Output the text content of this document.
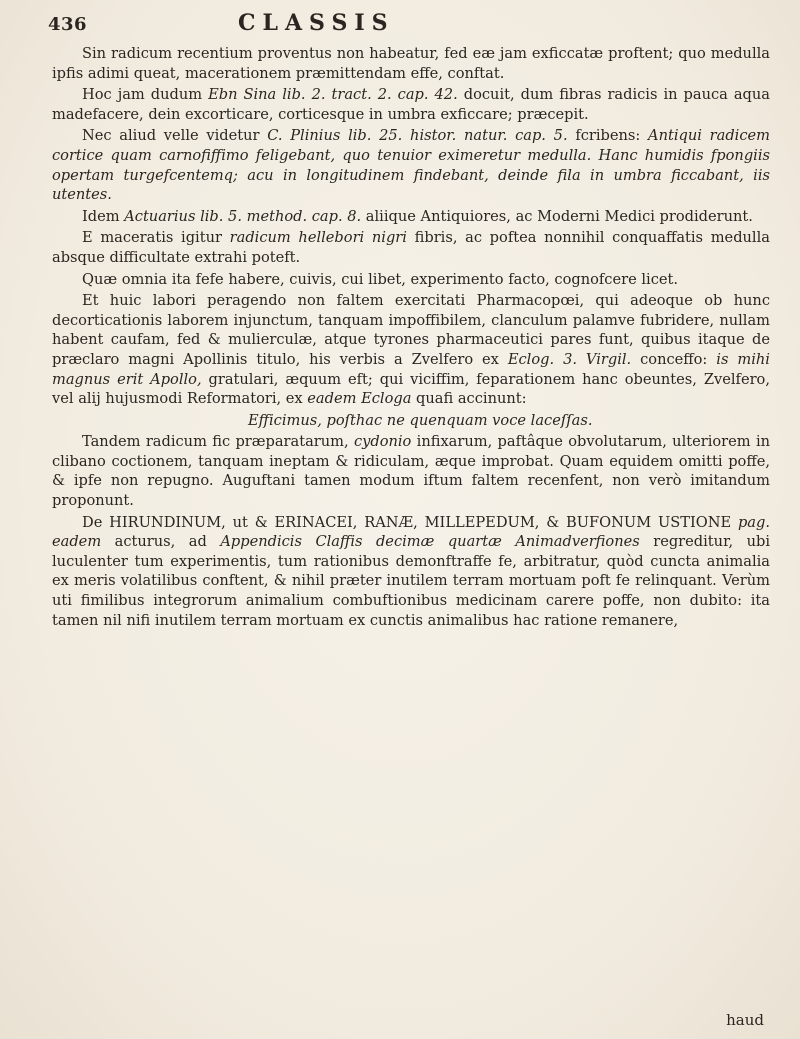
436	CLASSIS

Sin radicum recentium proventus non habeatur, fed eæ jam exficcatæ proftent; quo medulla ipfis adimi queat, macerationem præmittendam effe, conftat.

Hoc jam dudum Ebn Sina lib. 2. tract. 2. cap. 42. docuit, dum fibras radicis in pauca aqua madefacere, dein excorticare, corticesque in umbra exficcare; præcepit.

Nec aliud velle videtur C. Plinius lib. 25. histor. natur. cap. 5. fcribens: Antiqui radicem cortice quam carnofiffimo feligebant, quo tenuior eximeretur medulla. Hanc humidis fpongiis opertam turgefcentemq; acu in longitudinem findebant, deinde fila in umbra ficcabant, iis utentes.

Idem Actuarius lib. 5. method. cap. 8. aliique Antiquiores, ac Moderni Medici prodiderunt.

E maceratis igitur radicum hellebori nigri fibris, ac poftea nonnihil conquaffatis medulla absque difficultate extrahi poteft.

Quæ omnia ita fefe habere, cuivis, cui libet, experimento facto, cognofcere licet.

Et huic labori peragendo non faltem exercitati Pharmacopœi, qui adeoque ob hunc decorticationis laborem injunctum, tanquam impoffibilem, clanculum palamve fubridere, nullam habent caufam, fed & mulierculæ, atque tyrones pharmaceutici pares funt, quibus itaque de præclaro magni Apollinis titulo, his verbis a Zvelfero ex Eclog. 3. Virgil. conceffo: is mihi magnus erit Apollo, gratulari, æquum eft; qui viciffim, feparationem hanc obeuntes, Zvelfero, vel alij hujusmodi Reformatori, ex eadem Ecloga quafi accinunt:

Efficimus, poſthac ne quenquam voce laceſſas.

Tandem radicum fic præparatarum, cydonio infixarum, paftâque obvolutarum, ulteriorem in clibano coctionem, tanquam ineptam & ridiculam, æque improbat. Quam equidem omitti poffe, & ipfe non repugno. Auguftani tamen modum iftum faltem recenfent, non verò imitandum proponunt.

De HIRUNDINUM, ut & ERINACEI, RANÆ, MILLEPEDUM, & BUFONUM USTIONE pag. eadem acturus, ad Appendicis Claffis decimæ quartæ Animadverfiones regreditur, ubi luculenter tum experimentis, tum rationibus demonftraffe fe, arbitratur, quòd cuncta animalia ex meris volatilibus conftent, & nihil præter inutilem terram mortuam poft fe relinquant. Verùm uti fimilibus integrorum animalium combuftionibus medicinam carere poffe, non dubito: ita tamen nil nifi inutilem terram mortuam ex cunctis animalibus hac ratione remanere,

haud
